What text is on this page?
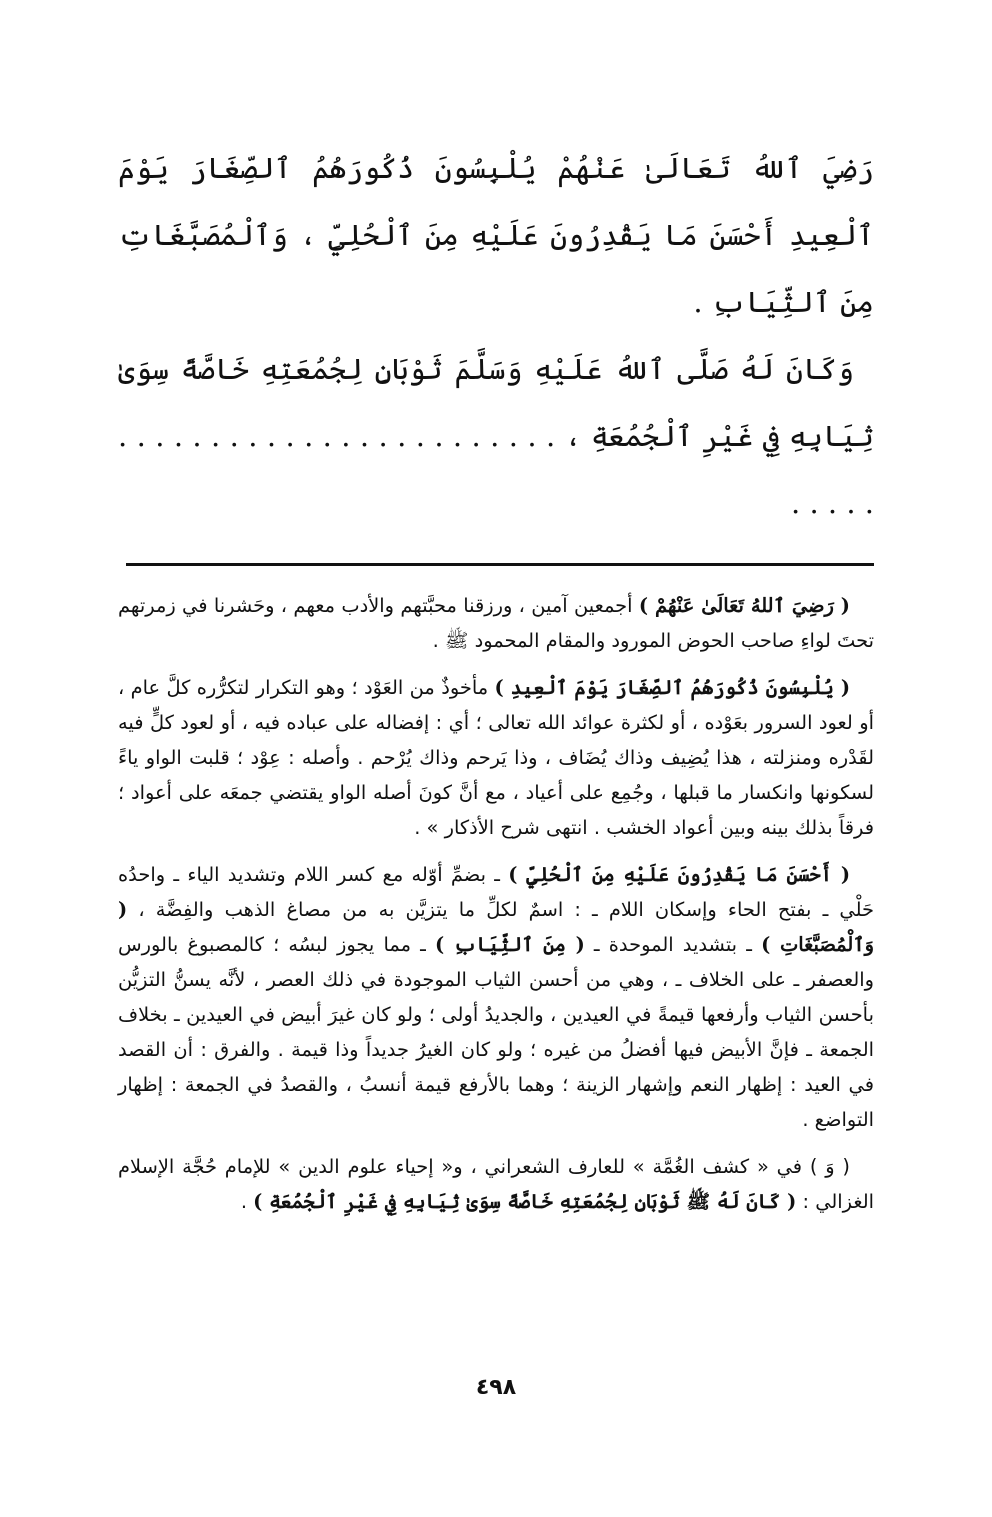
رَضِيَ ٱللهُ تَعَالَىٰ عَنْهُمْ يُلْبِسُونَ ذُكُورَهُمُ ٱلصِّغَارَ يَوْمَ ٱلْعِيدِ أَحْسَنَ مَا يَقْدِرُونَ عَلَيْهِ مِنَ ٱلْحُلِيِّ ، وَٱلْمُصَبَّغَاتِ مِنَ ٱلثِّيَابِ .

وَكَانَ لَهُ صَلَّى ٱللهُ عَلَيْهِ وَسَلَّمَ ثَوْبَانِ لِجُمُعَتِهِ خَاصَّةً سِوَىٰ ثِيَابِهِ فِي غَيْرِ ٱلْجُمُعَةِ ، . . . . . . . . . . . . . . . . . . . . . . . . . . . . .

( رَضِيَ ٱللهُ تَعَالَىٰ عَنْهُمْ ) أجمعين آمين ، ورزقنا محبَّتهم والأدب معهم ، وحَشرنا في زمرتهم تحتَ لواءِ صاحب الحوض المورود والمقام المحمود ﷺ .

( يُلْبِسُونَ ذُكُورَهُمُ ٱلصِّغَارَ يَوْمَ ٱلْعِيدِ ) مأخوذٌ من العَوْد ؛ وهو التكرار لتكرُّره كلَّ عام ، أو لعود السرور بعَوْده ، أو لكثرة عوائد الله تعالى ؛ أي : إفضاله على عباده فيه ، أو لعود كلٍّ فيه لقَدْره ومنزلته ، هذا يُضِيف وذاك يُضَاف ، وذا يَرحم وذاك يُرْحم . وأصله : عِوْد ؛ قلبت الواو ياءً لسكونها وانكسار ما قبلها ، وجُمِع على أعياد ، مع أنَّ كونَ أصله الواو يقتضي جمعَه على أعواد ؛ فرقاً بذلك بينه وبين أعواد الخشب . انتهى شرح الأذكار » .

( أَحْسَنَ مَا يَقْدِرُونَ عَلَيْهِ مِنَ ٱلْحُلِيِّ ) ـ بضمِّ أوّله مع كسر اللام وتشديد الياء ـ واحدُه حَلْي ـ بفتح الحاء وإسكان اللام ـ : اسمٌ لكلِّ ما يتزيَّن به من مصاغ الذهب والفِضَّة ، ( وَٱلْمُصَبَّغَاتِ ) ـ بتشديد الموحدة ـ ( مِنَ ٱلثِّيَابِ ) ـ مما يجوز لبسُه ؛ كالمصبوغ بالورس والعصفر ـ على الخلاف ـ ، وهي من أحسن الثياب الموجودة في ذلك العصر ، لأنَّه يسنُّ التزيُّن بأحسن الثياب وأرفعها قيمةً في العيدين ، والجديدُ أولى ؛ ولو كان غيرَ أبيض في العيدين ـ بخلاف الجمعة ـ فإنَّ الأبيض فيها أفضلُ من غيره ؛ ولو كان الغيرُ جديداً وذا قيمة . والفرق : أن القصد في العيد : إظهار النعم وإشهار الزينة ؛ وهما بالأرفع قيمة أنسبُ ، والقصدُ في الجمعة : إظهار التواضع .

( وَ ) في « كشف الغُمَّة » للعارف الشعراني ، و« إحياء علوم الدين » للإمام حُجَّة الإسلام الغزالي : ( كَانَ لَهُ ﷺ ثَوْبَانِ لِجُمُعَتِهِ خَاصَّةً سِوَىٰ ثِيَابِهِ فِي غَيْرِ ٱلْجُمُعَةِ ) .

٤٩٨
